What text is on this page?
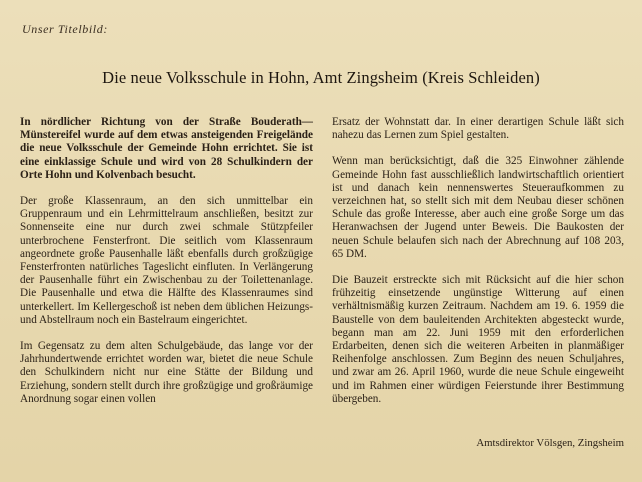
Unser Titelbild:
Die neue Volksschule in Hohn, Amt Zingsheim (Kreis Schleiden)

In nördlicher Richtung von der Straße Bouderath—Münstereifel wurde auf dem etwas ansteigenden Freigelände die neue Volksschule der Gemeinde Hohn errichtet. Sie ist eine einklassige Schule und wird von 28 Schulkindern der Orte Hohn und Kolvenbach besucht.

Der große Klassenraum, an den sich unmittelbar ein Gruppenraum und ein Lehrmittelraum anschließen, besitzt zur Sonnenseite eine nur durch zwei schmale Stützpfeiler unterbrochene Fensterfront. Die seitlich vom Klassenraum angeordnete große Pausenhalle läßt ebenfalls durch großzügige Fensterfronten natürliches Tageslicht einfluten. In Verlängerung der Pausenhalle führt ein Zwischenbau zu der Toilettenanlage. Die Pausenhalle und etwa die Hälfte des Klassenraumes sind unterkellert. Im Kellergeschoß ist neben dem üblichen Heizungs- und Abstellraum noch ein Bastelraum eingerichtet.

Im Gegensatz zu dem alten Schulgebäude, das lange vor der Jahrhundertwende errichtet worden war, bietet die neue Schule den Schulkindern nicht nur eine Stätte der Bildung und Erziehung, sondern stellt durch ihre großzügige und großräumige Anordnung sogar einen vollen

Ersatz der Wohnstatt dar. In einer derartigen Schule läßt sich nahezu das Lernen zum Spiel gestalten.

Wenn man berücksichtigt, daß die 325 Einwohner zählende Gemeinde Hohn fast ausschließlich landwirtschaftlich orientiert ist und danach kein nennenswertes Steueraufkommen zu verzeichnen hat, so stellt sich mit dem Neubau dieser schönen Schule das große Interesse, aber auch eine große Sorge um das Heranwachsen der Jugend unter Beweis. Die Baukosten der neuen Schule belaufen sich nach der Abrechnung auf 108 203, 65 DM.

Die Bauzeit erstreckte sich mit Rücksicht auf die hier schon frühzeitig einsetzende ungünstige Witterung auf einen verhältnismäßig kurzen Zeitraum. Nachdem am 19. 6. 1959 die Baustelle von dem bauleitenden Architekten abgesteckt wurde, begann man am 22. Juni 1959 mit den erforderlichen Erdarbeiten, denen sich die weiteren Arbeiten in planmäßiger Reihenfolge anschlossen. Zum Beginn des neuen Schuljahres, und zwar am 26. April 1960, wurde die neue Schule eingeweiht und im Rahmen einer würdigen Feierstunde ihrer Bestimmung übergeben.

Amtsdirektor Völsgen, Zingsheim
